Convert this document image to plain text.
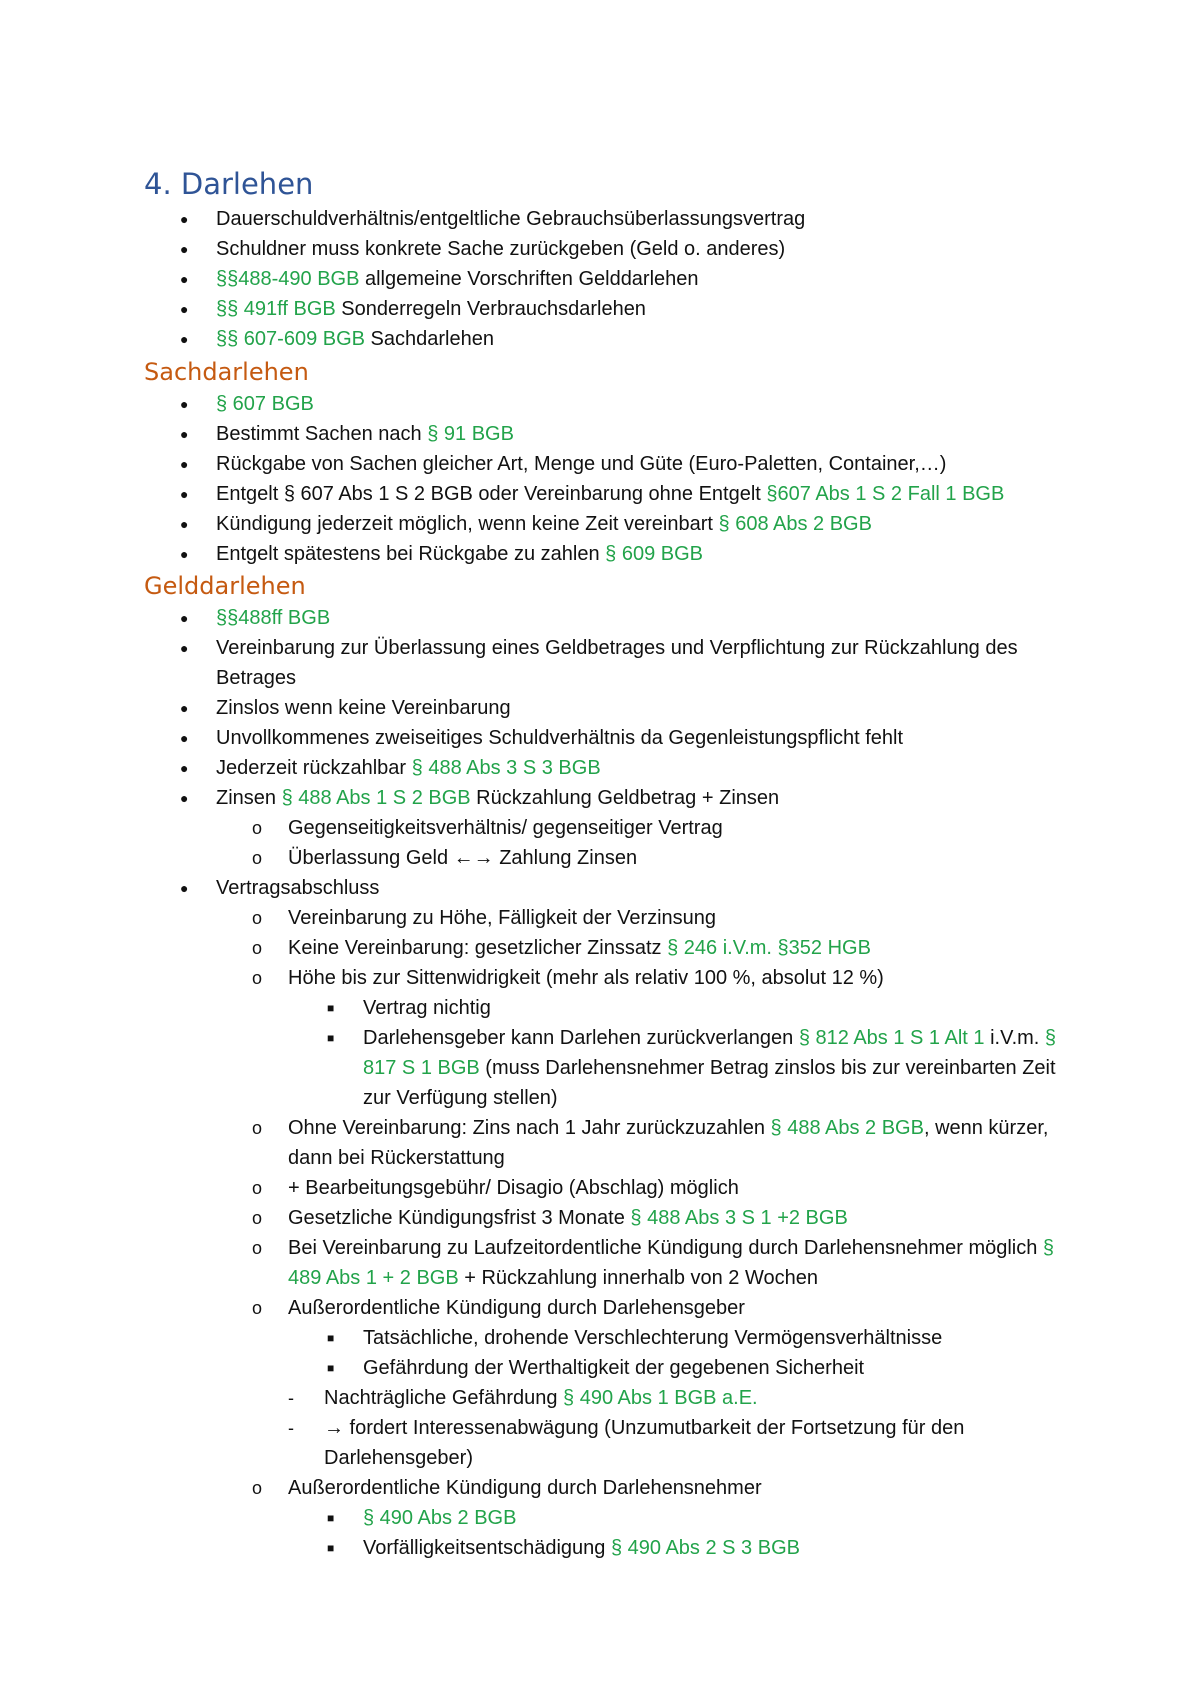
4. Darlehen
● Dauerschuldverhältnis/entgeltliche Gebrauchsüberlassungsvertrag
● Schuldner muss konkrete Sache zurückgeben (Geld o. anderes)
● §§488-490 BGB allgemeine Vorschriften Gelddarlehen
● §§ 491ff BGB Sonderregeln Verbrauchsdarlehen
● §§ 607-609 BGB Sachdarlehen
Sachdarlehen
● § 607 BGB
● Bestimmt Sachen nach § 91 BGB
● Rückgabe von Sachen gleicher Art, Menge und Güte (Euro-Paletten, Container,…)
● Entgelt § 607 Abs 1 S 2 BGB oder Vereinbarung ohne Entgelt §607 Abs 1 S 2 Fall 1 BGB
● Kündigung jederzeit möglich, wenn keine Zeit vereinbart § 608 Abs 2 BGB
● Entgelt spätestens bei Rückgabe zu zahlen § 609 BGB
Gelddarlehen
● §§488ff BGB
● Vereinbarung zur Überlassung eines Geldbetrages und Verpflichtung zur Rückzahlung des Betrages
● Zinslos wenn keine Vereinbarung
● Unvollkommenes zweiseitiges Schuldverhältnis da Gegenleistungspflicht fehlt
● Jederzeit rückzahlbar § 488 Abs 3 S 3 BGB
● Zinsen § 488 Abs 1 S 2 BGB Rückzahlung Geldbetrag + Zinsen
o Gegenseitigkeitsverhältnis/ gegenseitiger Vertrag
o Überlassung Geld ←→ Zahlung Zinsen
● Vertragsabschluss
o Vereinbarung zu Höhe, Fälligkeit der Verzinsung
o Keine Vereinbarung: gesetzlicher Zinssatz § 246 i.V.m. §352 HGB
o Höhe bis zur Sittenwidrigkeit (mehr als relativ 100 %, absolut 12 %)
■ Vertrag nichtig
■ Darlehensgeber kann Darlehen zurückverlangen § 812 Abs 1 S 1 Alt 1 i.V.m. § 817 S 1 BGB (muss Darlehensnehmer Betrag zinslos bis zur vereinbarten Zeit zur Verfügung stellen)
o Ohne Vereinbarung: Zins nach 1 Jahr zurückzuzahlen § 488 Abs 2 BGB, wenn kürzer, dann bei Rückerstattung
o + Bearbeitungsgebühr/ Disagio (Abschlag) möglich
o Gesetzliche Kündigungsfrist 3 Monate § 488 Abs 3 S 1 +2 BGB
o Bei Vereinbarung zu Laufzeitordentliche Kündigung durch Darlehensnehmer möglich § 489 Abs 1 + 2 BGB + Rückzahlung innerhalb von 2 Wochen
o Außerordentliche Kündigung durch Darlehensgeber
■ Tatsächliche, drohende Verschlechterung Vermögensverhältnisse
■ Gefährdung der Werthaltigkeit der gegebenen Sicherheit
- Nachträgliche Gefährdung § 490 Abs 1 BGB a.E.
- → fordert Interessenabwägung (Unzumutbarkeit der Fortsetzung für den Darlehensgeber)
o Außerordentliche Kündigung durch Darlehensnehmer
■ § 490 Abs 2 BGB
■ Vorfälligkeitsentschädigung § 490 Abs 2 S 3 BGB
